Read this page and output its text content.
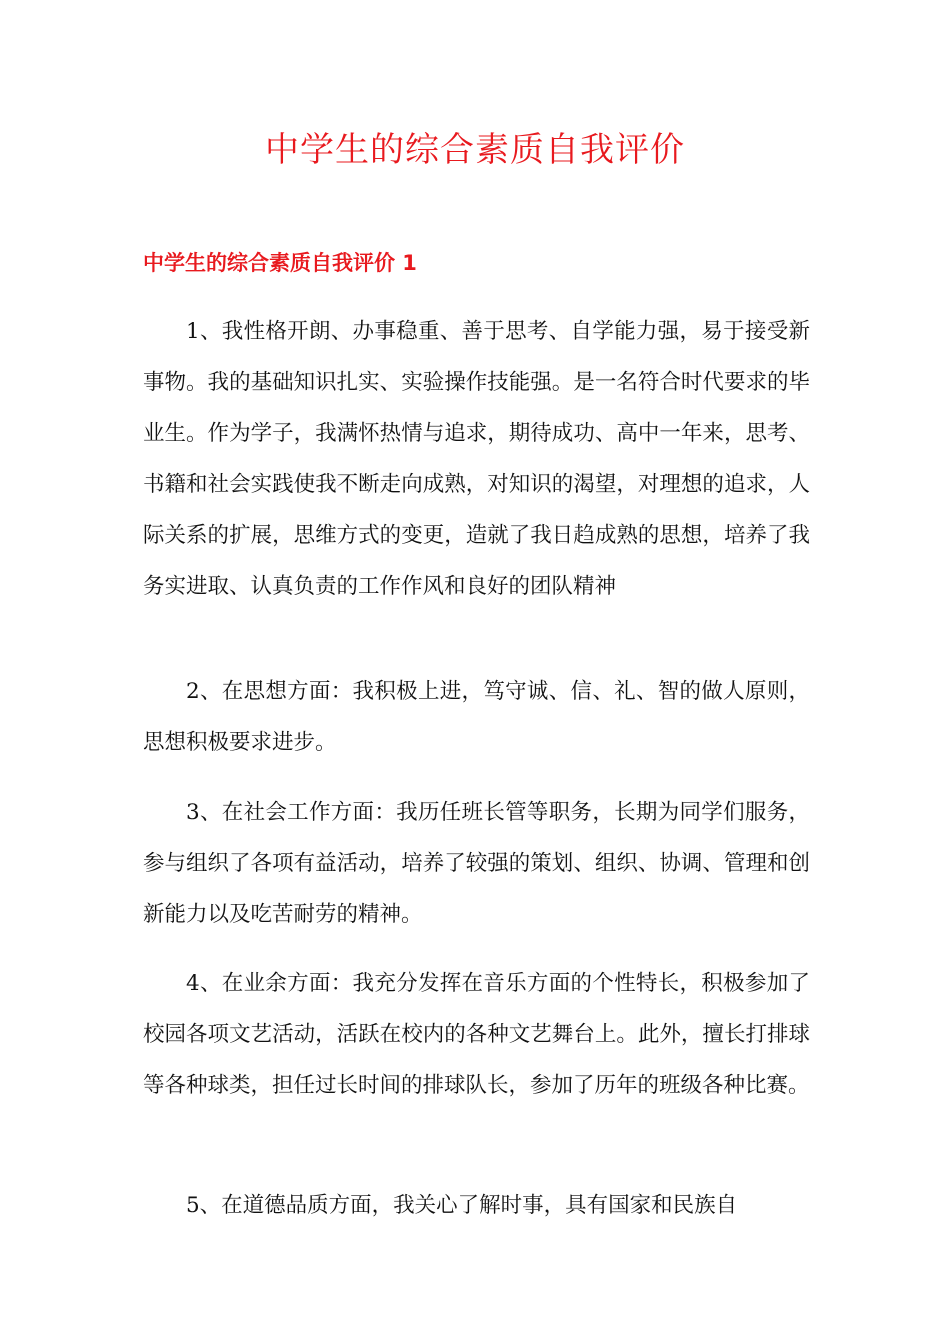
中学生的综合素质自我评价
中学生的综合素质自我评价 1

1、我性格开朗、办事稳重、善于思考、自学能力强，易于接受新事物。我的基础知识扎实、实验操作技能强。是一名符合时代要求的毕业生。作为学子，我满怀热情与追求，期待成功、高中一年来，思考、书籍和社会实践使我不断走向成熟，对知识的渴望，对理想的追求，人际关系的扩展，思维方式的变更，造就了我日趋成熟的思想，培养了我务实进取、认真负责的工作作风和良好的团队精神

2、在思想方面：我积极上进，笃守诚、信、礼、智的做人原则，思想积极要求进步。

3、在社会工作方面：我历任班长管等职务，长期为同学们服务，参与组织了各项有益活动，培养了较强的策划、组织、协调、管理和创新能力以及吃苦耐劳的精神。

4、在业余方面：我充分发挥在音乐方面的个性特长，积极参加了校园各项文艺活动，活跃在校内的各种文艺舞台上。此外，擅长打排球等各种球类，担任过长时间的排球队长，参加了历年的班级各种比赛。

5、在道德品质方面，我关心了解时事，具有国家和民族自
